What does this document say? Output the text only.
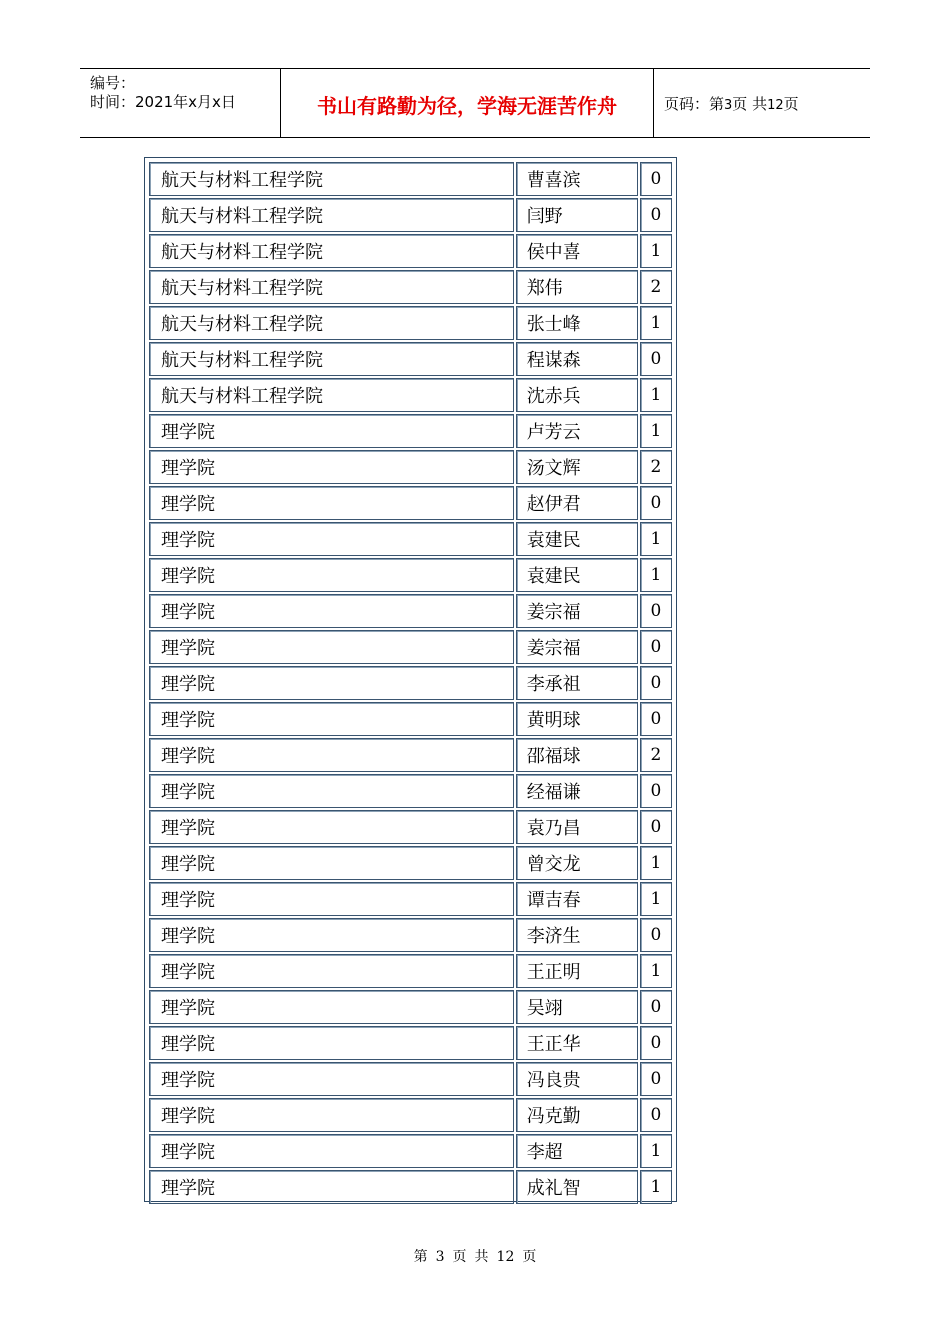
编号：
时间：2021年x月x日	书山有路勤为径，学海无涯苦作舟	页码：第3页 共12页
航天与材料工程学院	曹喜滨	0
航天与材料工程学院	闫野	0
航天与材料工程学院	侯中喜	1
航天与材料工程学院	郑伟	2
航天与材料工程学院	张士峰	1
航天与材料工程学院	程谋森	0
航天与材料工程学院	沈赤兵	1
理学院	卢芳云	1
理学院	汤文辉	2
理学院	赵伊君	0
理学院	袁建民	1
理学院	袁建民	1
理学院	姜宗福	0
理学院	姜宗福	0
理学院	李承祖	0
理学院	黄明球	0
理学院	邵福球	2
理学院	经福谦	0
理学院	袁乃昌	0
理学院	曾交龙	1
理学院	谭吉春	1
理学院	李济生	0
理学院	王正明	1
理学院	吴翊	0
理学院	王正华	0
理学院	冯良贵	0
理学院	冯克勤	0
理学院	李超	1
理学院	成礼智	1
第 3 页 共 12 页
